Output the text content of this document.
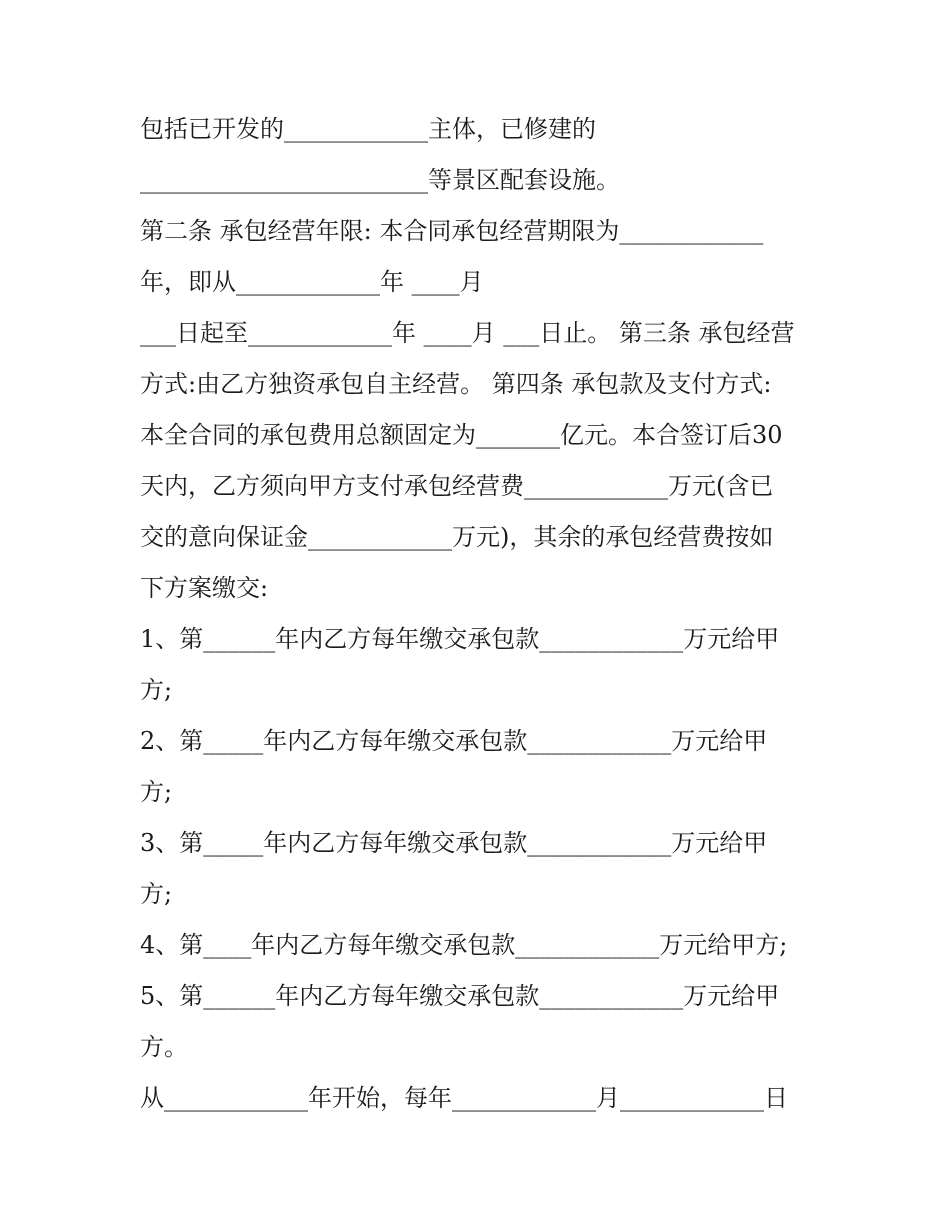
包括已开发的____________主体，已修建的
________________________等景区配套设施。
第二条 承包经营年限: 本合同承包经营期限为____________
年，即从____________年 ____月
___日起至____________年 ____月 ___日止。 第三条 承包经营
方式:由乙方独资承包自主经营。 第四条 承包款及支付方式:
本全合同的承包费用总额固定为_______亿元。本合签订后30
天内，乙方须向甲方支付承包经营费____________万元(含已
交的意向保证金____________万元)，其余的承包经营费按如
下方案缴交:
1、第______年内乙方每年缴交承包款____________万元给甲
方;
2、第_____年内乙方每年缴交承包款____________万元给甲
方;
3、第_____年内乙方每年缴交承包款____________万元给甲
方;
4、第____年内乙方每年缴交承包款____________万元给甲方;
5、第______年内乙方每年缴交承包款____________万元给甲
方。
从____________年开始，每年____________月____________日
